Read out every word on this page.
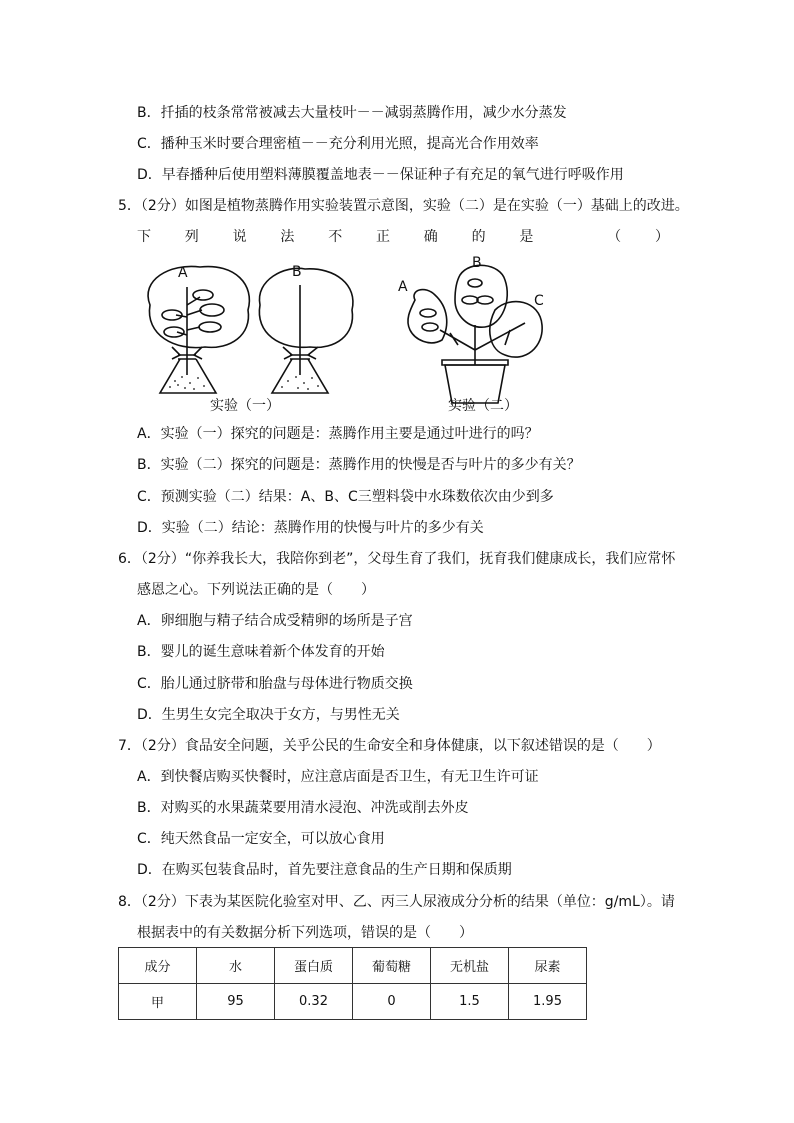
B．扦插的枝条常常被减去大量枝叶－－减弱蒸腾作用，减少水分蒸发
C．播种玉米时要合理密植－－充分利用光照，提高光合作用效率
D．早春播种后使用塑料薄膜覆盖地表－－保证种子有充足的氧气进行呼吸作用
5．（2分）如图是植物蒸腾作用实验装置示意图，实验（二）是在实验（一）基础上的改进。
下 列 说 法 不 正 确 的 是	（ ）
A	B
A
B
C
实验（一）	实验（二）
A．实验（一）探究的问题是：蒸腾作用主要是通过叶进行的吗？
B．实验（二）探究的问题是：蒸腾作用的快慢是否与叶片的多少有关？
C．预测实验（二）结果：A、B、C三塑料袋中水珠数依次由少到多
D．实验（二）结论：蒸腾作用的快慢与叶片的多少有关
6．（2分）“你养我长大，我陪你到老”，父母生育了我们，抚育我们健康成长，我们应常怀
感恩之心。下列说法正确的是（　　）
A．卵细胞与精子结合成受精卵的场所是子宫
B．婴儿的诞生意味着新个体发育的开始
C．胎儿通过脐带和胎盘与母体进行物质交换
D．生男生女完全取决于女方，与男性无关
7．（2分）食品安全问题，关乎公民的生命安全和身体健康，以下叙述错误的是（　　）
A．到快餐店购买快餐时，应注意店面是否卫生，有无卫生许可证
B．对购买的水果蔬菜要用清水浸泡、冲洗或削去外皮
C．纯天然食品一定安全，可以放心食用
D．在购买包装食品时，首先要注意食品的生产日期和保质期
8．（2分）下表为某医院化验室对甲、乙、丙三人尿液成分分析的结果（单位：g/mL）。请
根据表中的有关数据分析下列选项，错误的是（　　）
成分	水	蛋白质	葡萄糖	无机盐	尿素
甲	95	0.32	0	1.5	1.95
